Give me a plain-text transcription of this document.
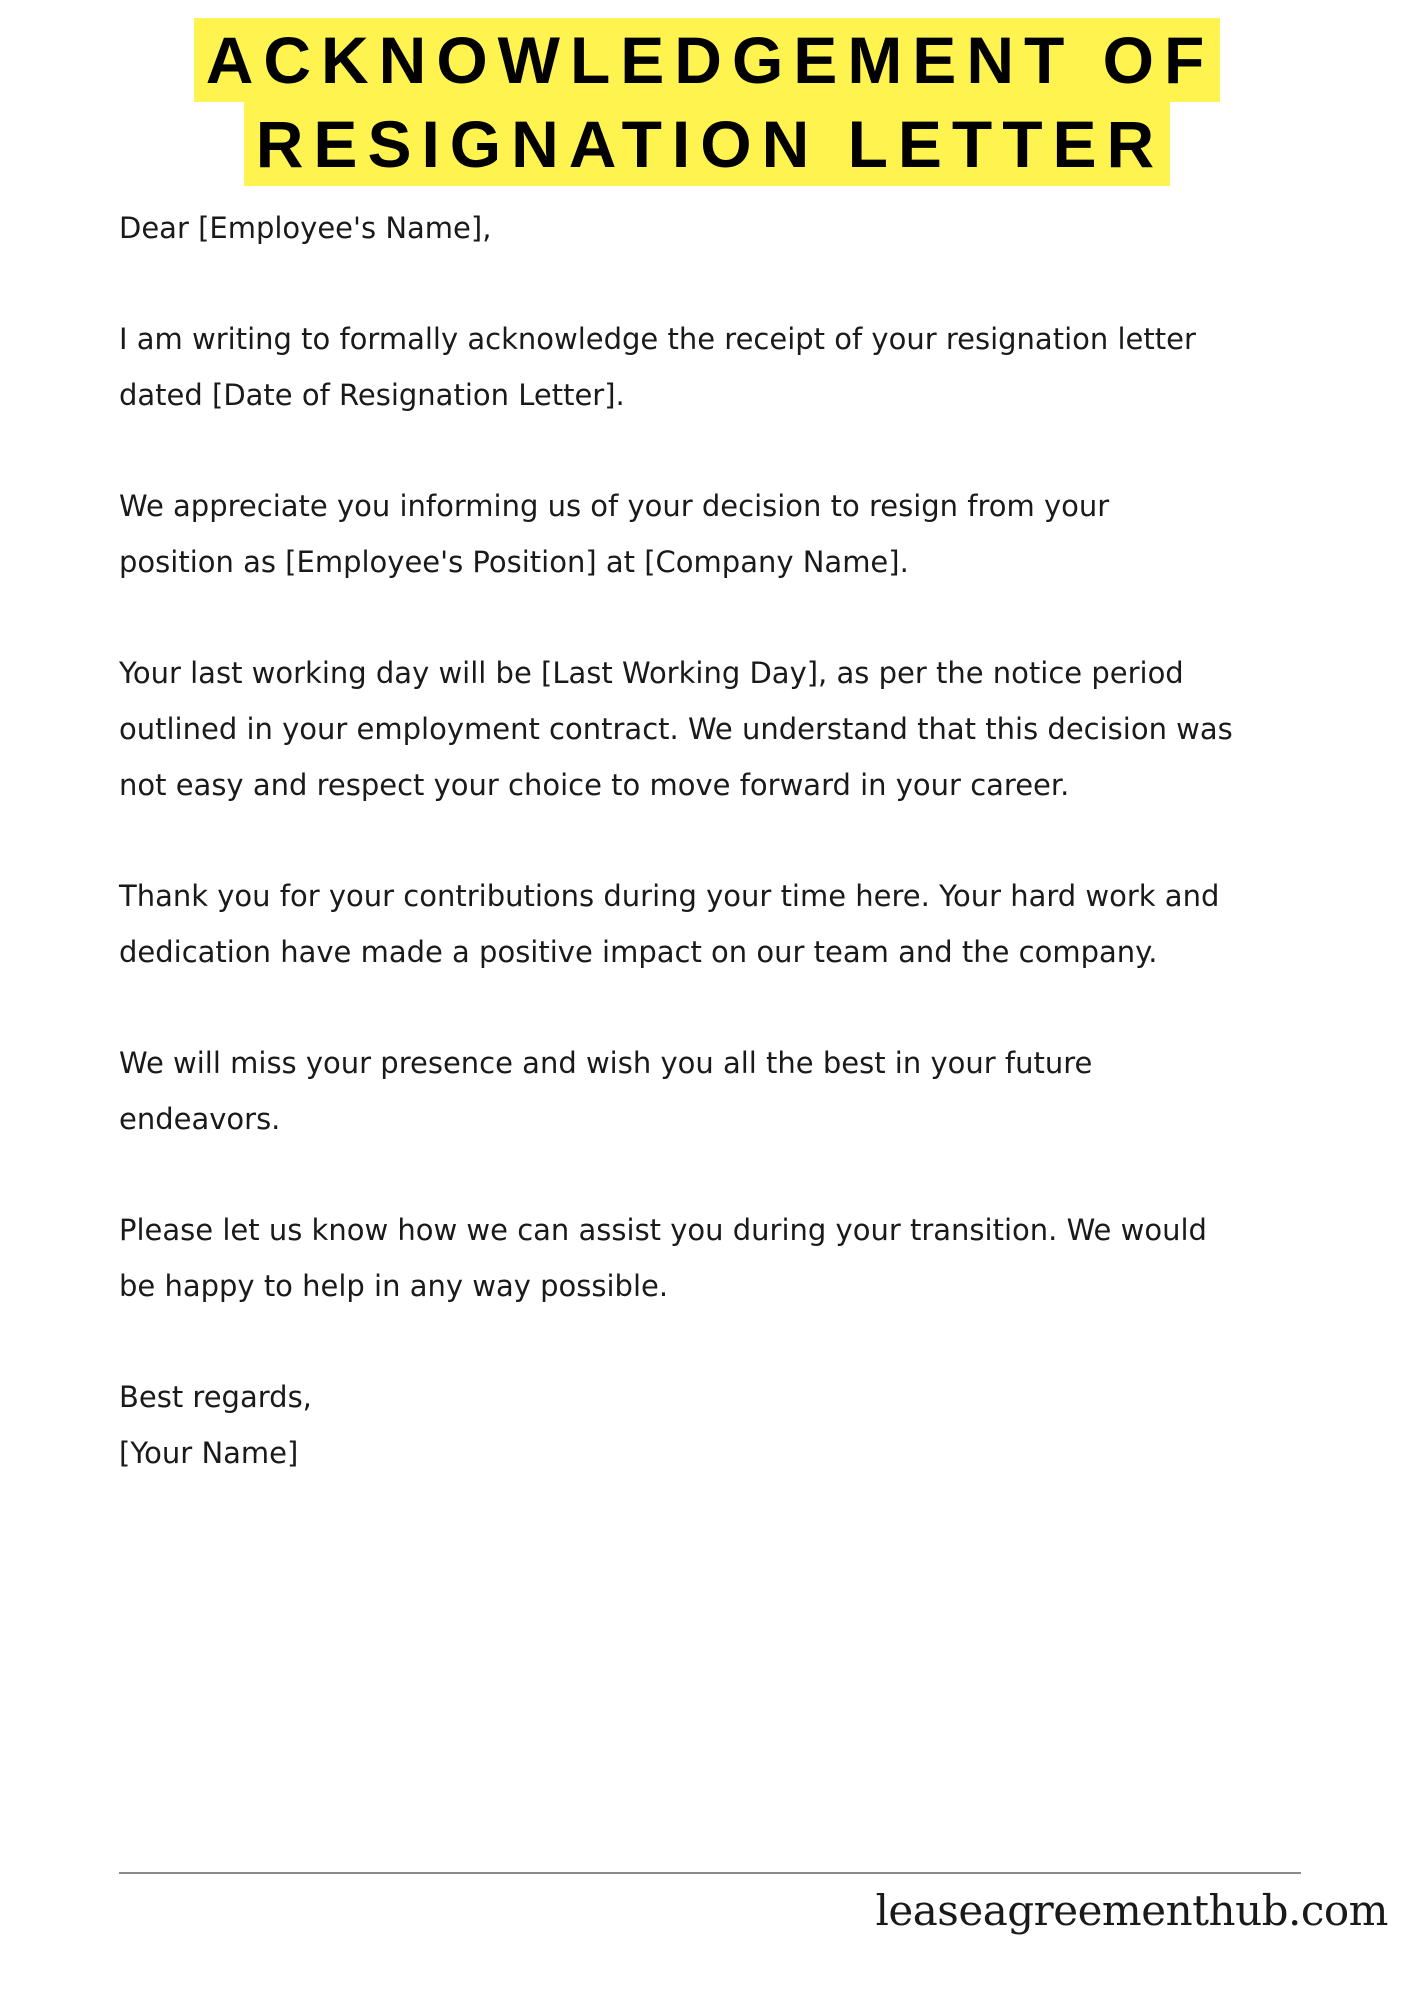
ACKNOWLEDGEMENT OF
RESIGNATION LETTER

Dear [Employee's Name],

I am writing to formally acknowledge the receipt of your resignation letter
dated [Date of Resignation Letter].

We appreciate you informing us of your decision to resign from your
position as [Employee's Position] at [Company Name].

Your last working day will be [Last Working Day], as per the notice period
outlined in your employment contract. We understand that this decision was
not easy and respect your choice to move forward in your career.

Thank you for your contributions during your time here. Your hard work and
dedication have made a positive impact on our team and the company.

We will miss your presence and wish you all the best in your future
endeavors.

Please let us know how we can assist you during your transition. We would
be happy to help in any way possible.

Best regards,

[Your Name]

leaseagreementhub.com
